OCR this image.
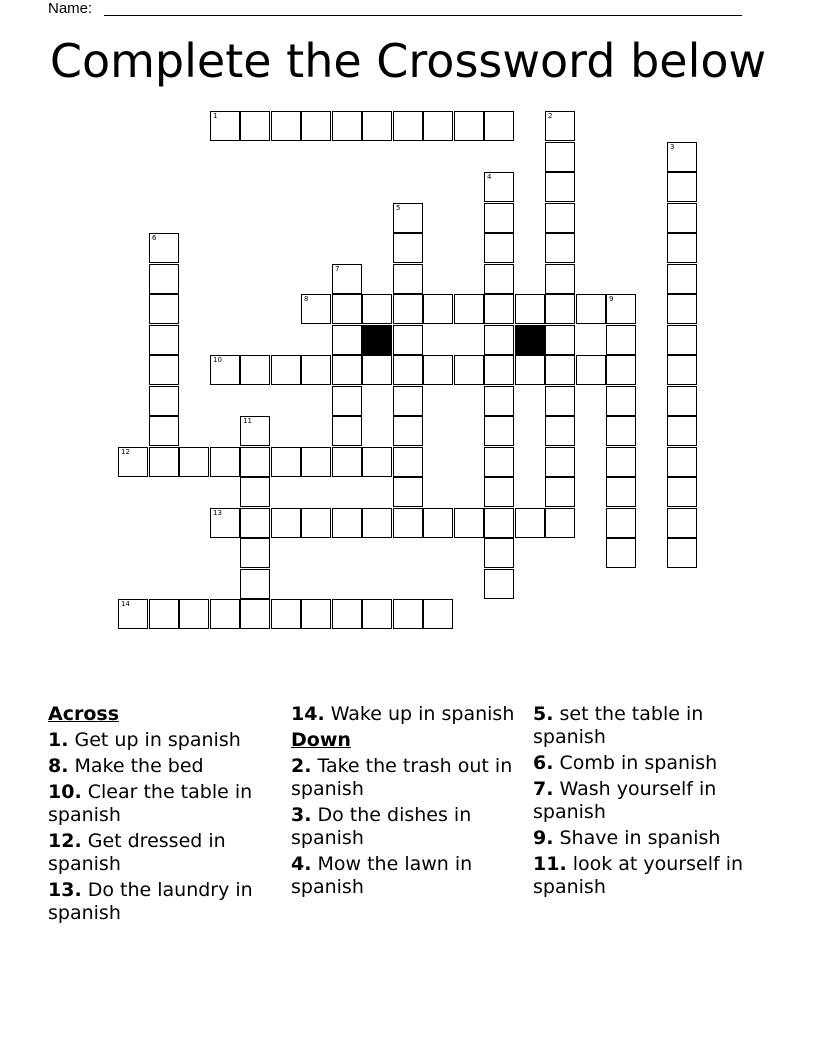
Name:
Complete the Crossword below
1	2
3
4
5
6
7
8	9
10
11
12
13
14
Across
1. Get up in spanish
8. Make the bed
10. Clear the table in spanish
12. Get dressed in spanish
13. Do the laundry in spanish
14. Wake up in spanish
Down
2. Take the trash out in spanish
3. Do the dishes in spanish
4. Mow the lawn in spanish
5. set the table in spanish
6. Comb in spanish
7. Wash yourself in spanish
9. Shave in spanish
11. look at yourself in spanish
